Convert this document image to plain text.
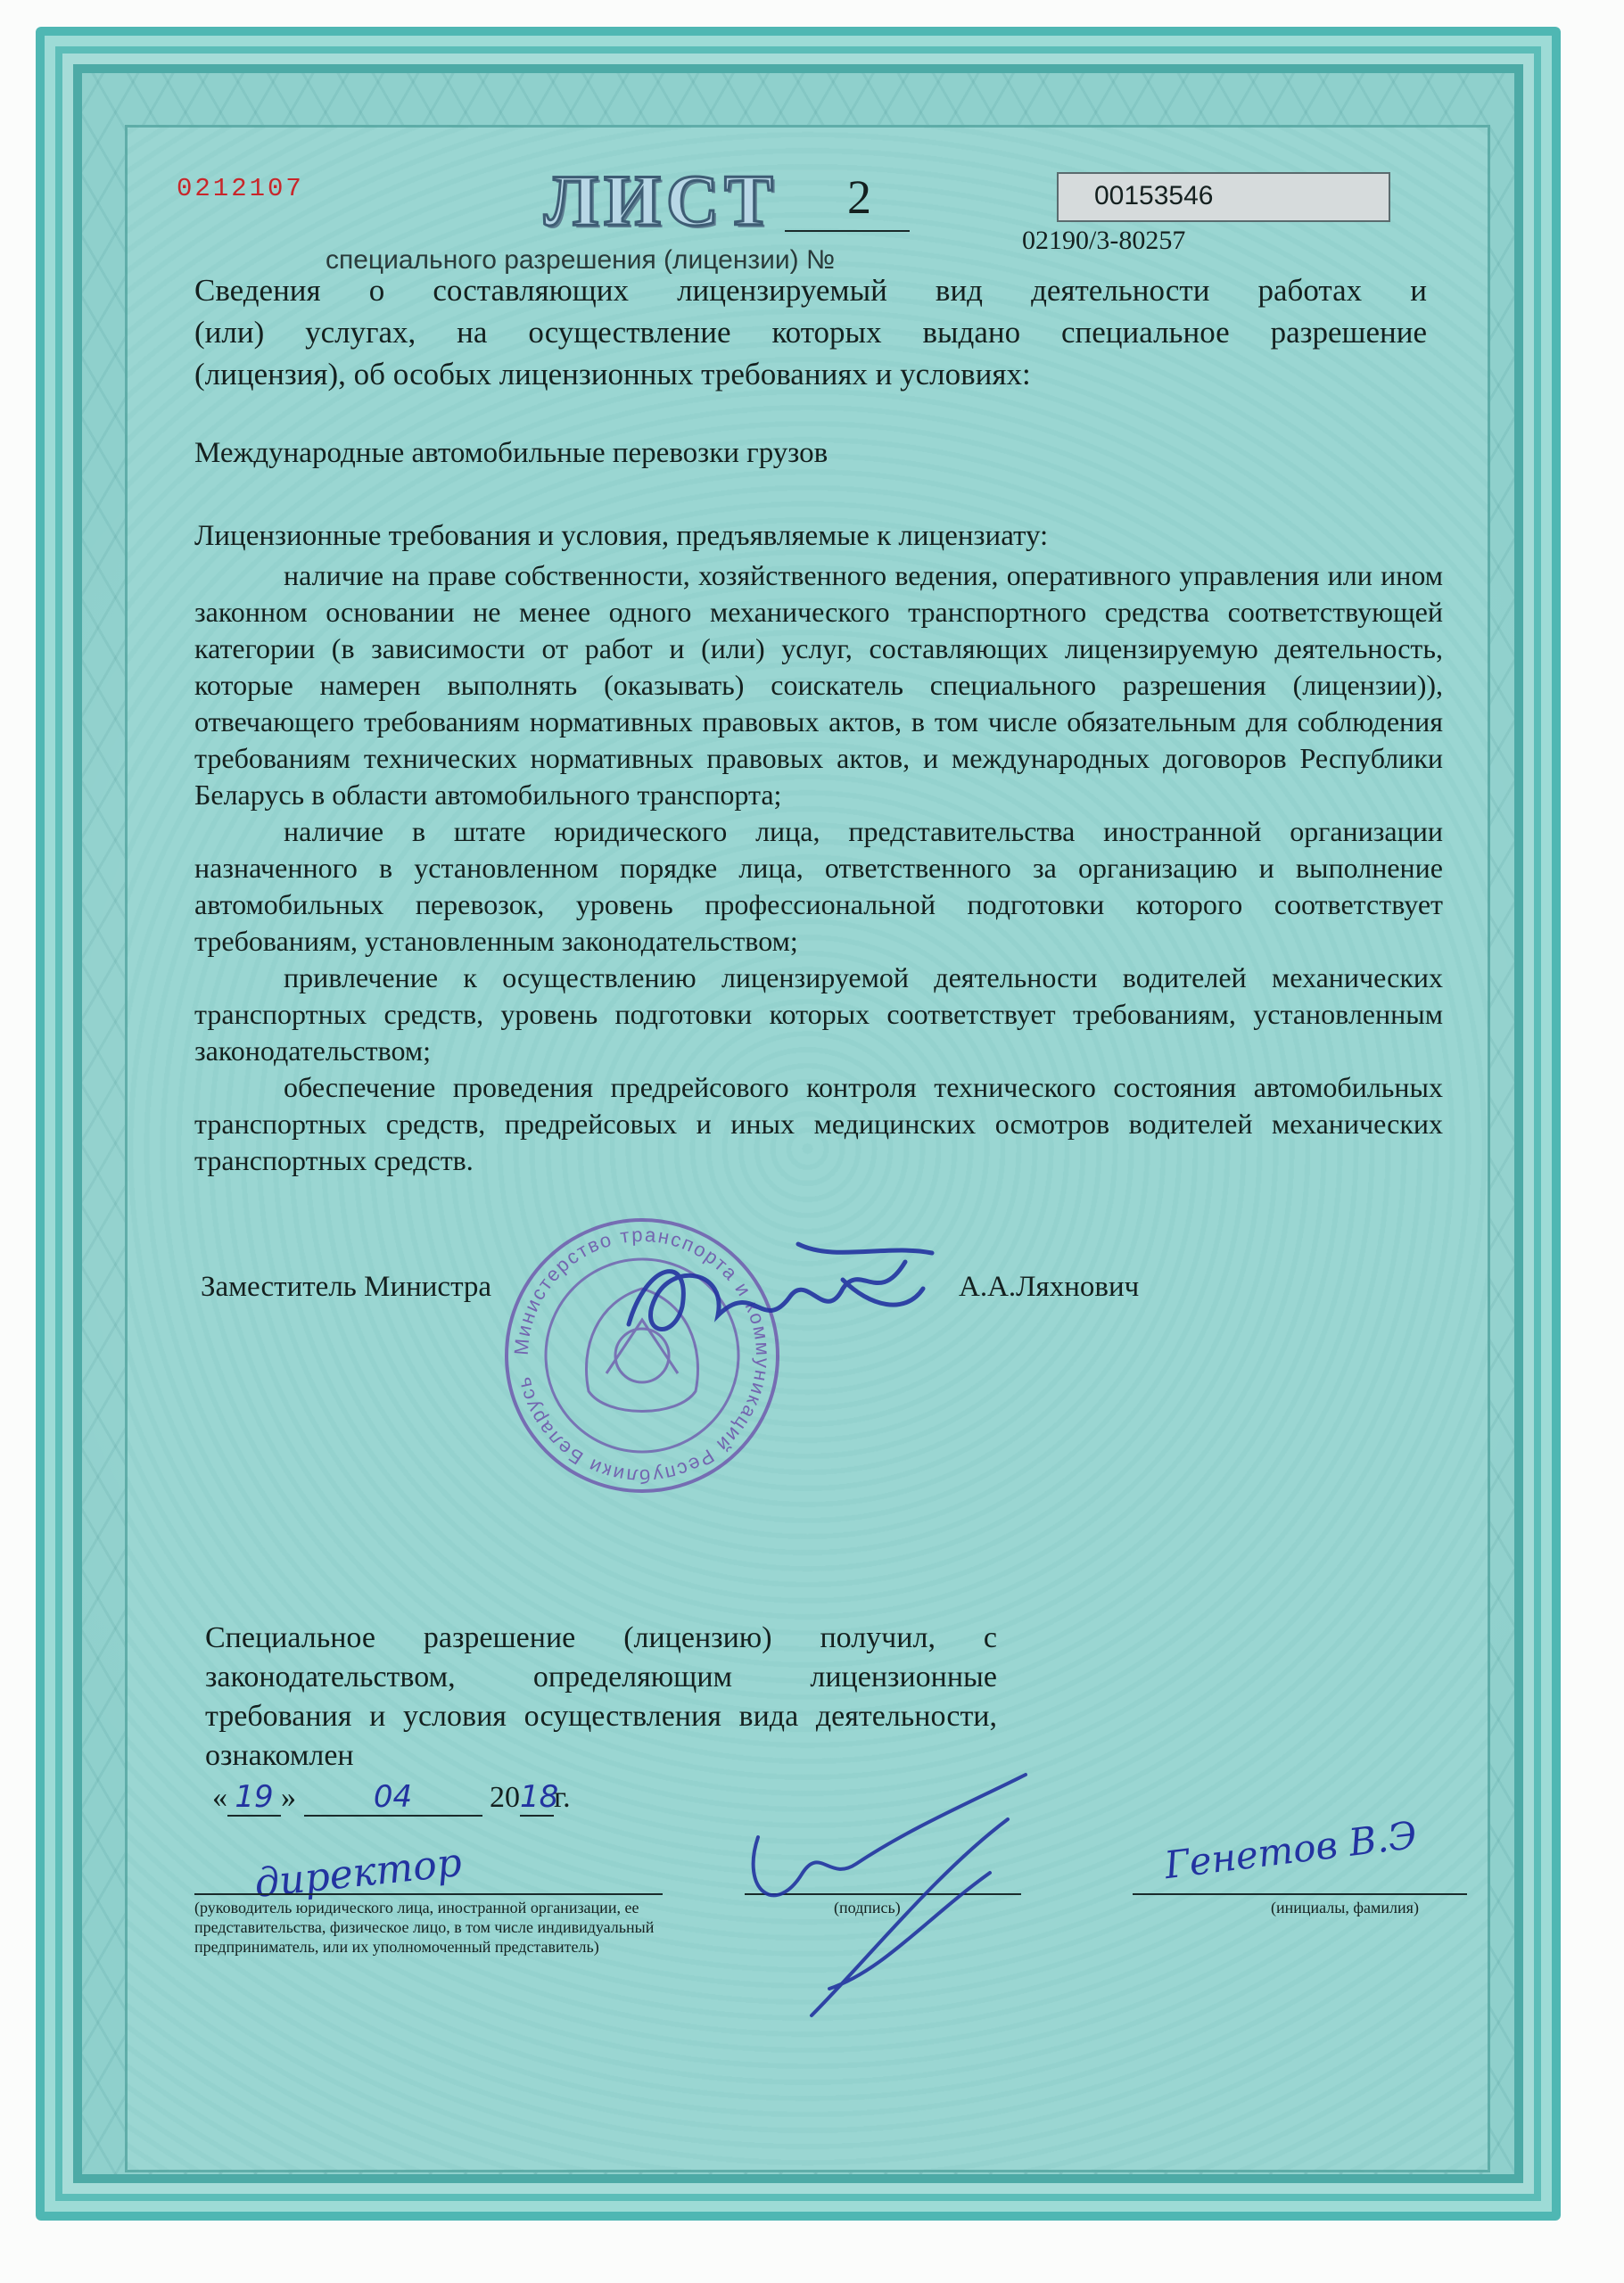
0212107	ЛИСТ 2	00153546
02190/3-80257
специального разрешения (лицензии) №
Сведения о составляющих лицензируемый вид деятельности работах и
(или) услугах, на осуществление которых выдано специальное разрешение
(лицензия), об особых лицензионных требованиях и условиях:
Международные автомобильные перевозки грузов
Лицензионные требования и условия, предъявляемые к лицензиату:

наличие на праве собственности, хозяйственного ведения, оперативного управления или ином законном основании не менее одного механического транспортного средства соответствующей категории (в зависимости от работ и (или) услуг, составляющих лицензируемую деятельность, которые намерен выполнять (оказывать) соискатель специального разрешения (лицензии)), отвечающего требованиям нормативных правовых актов, в том числе обязательным для соблюдения требованиям технических нормативных правовых актов, и международных договоров Республики Беларусь в области автомобильного транспорта;

наличие в штате юридического лица, представительства иностранной организации назначенного в установленном порядке лица, ответственного за организацию и выполнение автомобильных перевозок, уровень профессиональной подготовки которого соответствует требованиям, установленным законодательством;

привлечение к осуществлению лицензируемой деятельности водителей механических транспортных средств, уровень подготовки которых соответствует требованиям, установленным законодательством;

обеспечение проведения предрейсового контроля технического состояния автомобильных транспортных средств, предрейсовых и иных медицинских осмотров водителей механических транспортных средств.

Министерство транспорта и коммуникаций Республики Беларусь
Заместитель Министра	А.А.Ляхнович
Специальное разрешение (лицензию) получил, с законодательством, определяющим лицензионные требования и условия осуществления вида деятельности, ознакомлен
« 19 »	04	2018г.
директор
(руководитель юридического лица, иностранной организации, ее представительства, физическое лицо, в том числе индивидуальный предприниматель, или их уполномоченный представитель)
(подпись)
Генетов В.Э
(инициалы, фамилия)
